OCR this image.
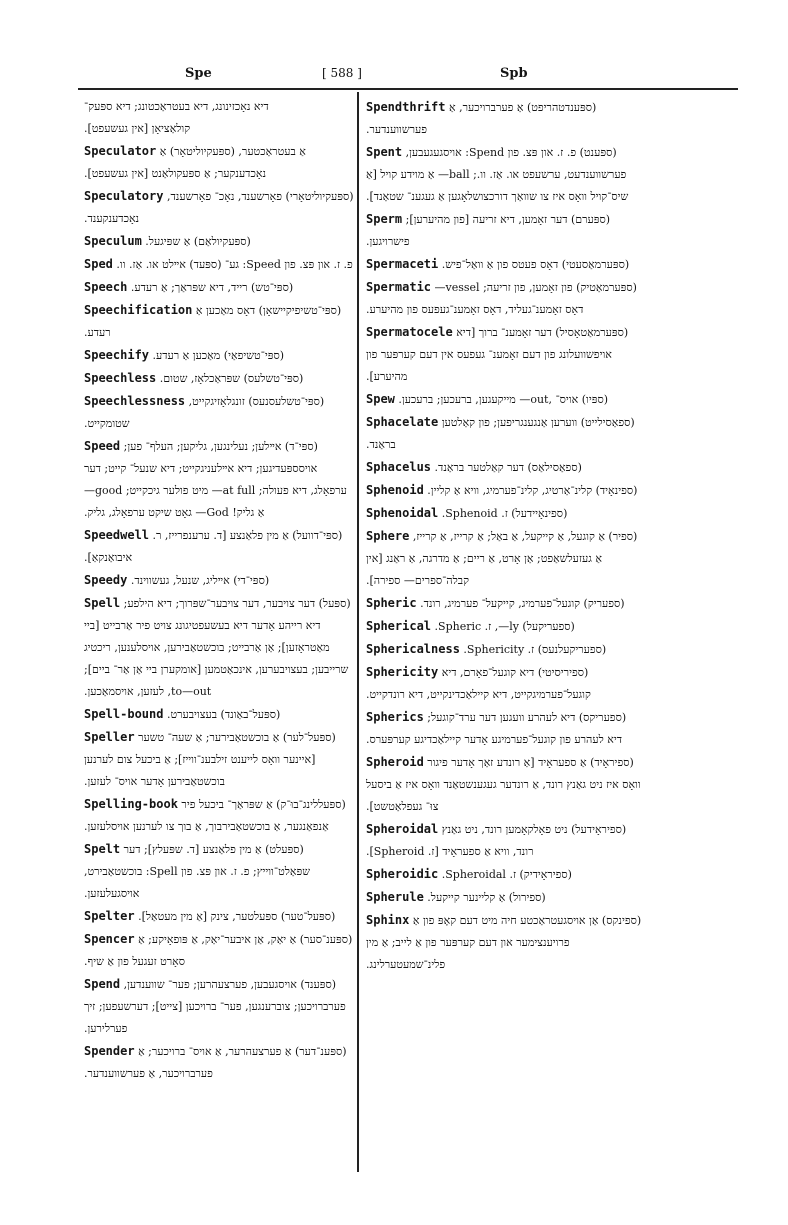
Spe	[ 588 ]	Spb
דיא נאָכזינונג, דיא בעטראַכטונג; דיא ספּעק־
קולאַציאָן [אין געשעפט].
Speculator אַ בעטראַכטער, (ספּעקיוליטאָר) אַ נאָכדענקער; אַ ספּעקולאַנט [אין געשעפט].
Speculatory (ספּעקיוליטאָרי) פאָרשענד, נאָכ־ פאָרשענד, נאָכדענקענד.
Speculum (ספּעקיולאַם) אַ שפּיגעל.
Sped פ. ז. און פּצ. פון Speed: גע־ (ספּעד) אײלט או. אַז. וו.
Speech (ספּי־טש) רייד, דיא שפּראַך; אַ רעדע.
Speechification (ספּי־טשיפיקיישאָן) דאָס מאַכען אַ רעדע.
Speechify (ספּי־טשיפאַי) מאַכען אַ רעדע.
Speechless (ספּי־טשלעס) שפּראַכלאָז, שטום.
Speechlessness (ספּי־טשלעסנעס) זונגלאָזיגקייט, שטומקייט.
Speed (ספּי־ד) אײלען; נעלינגען, גליקען; העלף־ פען; אויסספּעדיגען; דיא אײלעניגקייט; דיא שנעל־ קייט; דער ערפאָלג, דיא פעולה; at full— מיט פולער גיכקייט; good— אַ גליק! God— גאָט שיקט ערפאָלג, גליק.
Speedwell (ספּי־דוועל) אַ מין פלאַנצע [ד. ערענפרייז, ר. איבואַנקאַ].
Speedy (ספּי־די) אײליג, שנעל, געשווינד.
Spell (ספּעל) דער צויבער, דער צויבער־שפּרוך; דיא הילפע; דיא רייהע אָדער דיא בעשעפטיגונג צויט פיר אַרבייט [ביי מאַטראָזען]; אַן אַרבייט; בוכשטאַבירען, אויסלענען, ריכטיג שרייבען; בעצויבערען, אינכאַטמען [אומקערן ביי אַן אַר־ ביים]; to—out, לעזען, אויסמאַכען.
Spell-bound (ספּעל־באַונד) בעצויבערט.
Speller (ספּעל־לער) אַ בוכשטאַבירער; אַ שעה־ טשער [איינער וואָס לייענט זילבענ־ווייז]; אַ ביכעל צום לערנען בוכשטאַבירען אָדער אויס־ לעזען.
Spelling-book (ספּעללינג־בוּ־ק) אַ שפּראַך־ ביכעל פיר אַנפאַנגער, אַ בוכשטאַבירבוך, אַ בוך צו לערנען אויסלעזען.
Spelt (ספּעלט) אַ מין פלאַנצע [ד. שפּעלץ]; דער שפּאַלט־ווייץ; פ. ז. און פּצ. פון Spell: בוכשטאַבירט, אויסגעלעזען.
Spelter (ספּעל־טער) ספּעלטער, צינק [אַ מין מעטאַל].
Spencer (ספּענ־סער) אַ יאַק, אַן איבער־יאַק, אַ פּופאָיקע; אַ סאָרט זעגעל פון אַ שיף.
Spend (ספּענד) אויסגעבען, פערצעהרען; פער־ שווענדען, פערברויכען; צוברענגען, פער־ ברויכען [צייט]; דערשעפען; זיך פערלירען.
Spender (ספּענ־דער) אַ פערצעהרער, אַ אויס־ ברויכער; אַ פערברויכער, אַ פערשווענדער.
Spendthrift (ספּענדטהריפט) אַ פערברויכער, אַ פערשווענדער.
Spent (ספּענט) פ. ז. און פּצ. פון Spend: אויסגעגעבען, פערשווענדעט, ערשעפט או. אַז. וו.; ball— אַ מוידע קויל [אַ שיס־קויל וואָס איז צו שוואַך דורכצושלאָגען אַ געגענ־ שטאַנד].
Sperm (ספּערם) דער זאָמען, דיא זריעה [פון מהיערען]; פישרויגען.
Spermaceti (ספּערמאַסעטי) דאָס פעטס פון אַ וואַל־פיש.
Spermatic (ספּערמאַטיק) פון זאָמען, פון זריעה; vessel— דאָס זאָמענ־געליד, דאָס זאָמענ־געפעס פון מהיערע.
Spermatocele (ספּערמאַטאָסיל) דער זאָמענ־ ברוך [דיא אויפשוועלונג פון דעם זאָמענ־ געפעס אין דעם קערפּער פון מהיערע].
Spew (ספּיו) אויס־ ,out— מייקעגען, ברעכען; ברעכען.
Sphacelate (ספאַסילייט) ווערען אַנגענגריפען; פון קאַלטען בראַנד.
Sphacelus (ספאַסילאַס) דער קאַלטער בראַנד.
Sphenoid (ספינאָיד) קלינ־אַרטיג, קלינ־פערמיג, וויא אַ קליין.
Sphenoidal (ספינאָיידעל) ז. Sphenoid.
Sphere (ספיר) אַ קוגעל, אַ קייקעל, אַ באַל; אַ קרייז, אַ קרייז, אַ געזעלשאַפט; אַן אָרט, אַ ריים; אַ מדרגה, אַ ראַנג [אין קבלה־ספרים— ספירה].
Spheric (ספעריק) קוגעל־פערמיג, קייקעל־ פערמיג, רונד.
Spherical (ספעריקעל) ly—, ז. Spheric.
Sphericalness (ספעריקעלנעס) ז. Sphericity.
Sphericity (ספיריסיטי) דיא קוגעל־פאָרם, דיא קוגעל־פערמיגקייט, דיא קיילאַכדינקייט, דיא רונדקייט.
Spherics (ספעריקס) דיא לעהרע וועגען דער ערד־קוגעל; דיא לעהרע פון קוגעל־פערמיגע אָדער קיילאַכדיגע קערפּערס.
Spheroid (ספיראָיד) אַ ספעראָיד [אַ רונדע זאַך אָדער פיגור וואָס איז ניט גאַנץ רונד, אַ רונדער געגענשטאַנד וואָס איז אַ ביסעל צוּ־ געפלאַטשט].
Spheroidal (ספיראָידעל) ניט פאָלקאָמען רונד, ניט גאַנץ רונד, וויא אַ ספעראָיד [ז. Spheroid].
Spheroidic (ספיראָידיק) ז. Spheroidal.
Spherule (ספירול) אַ קליינער קייקעל.
Sphinx (ספינקס) אַן אויסגעטראַכטע חיה מיט דעם קאָפּ פון אַ פרויענצימער און דעם קערפּער פון אַ לייב; אַ מין פלינ־שמעטערלינג.
